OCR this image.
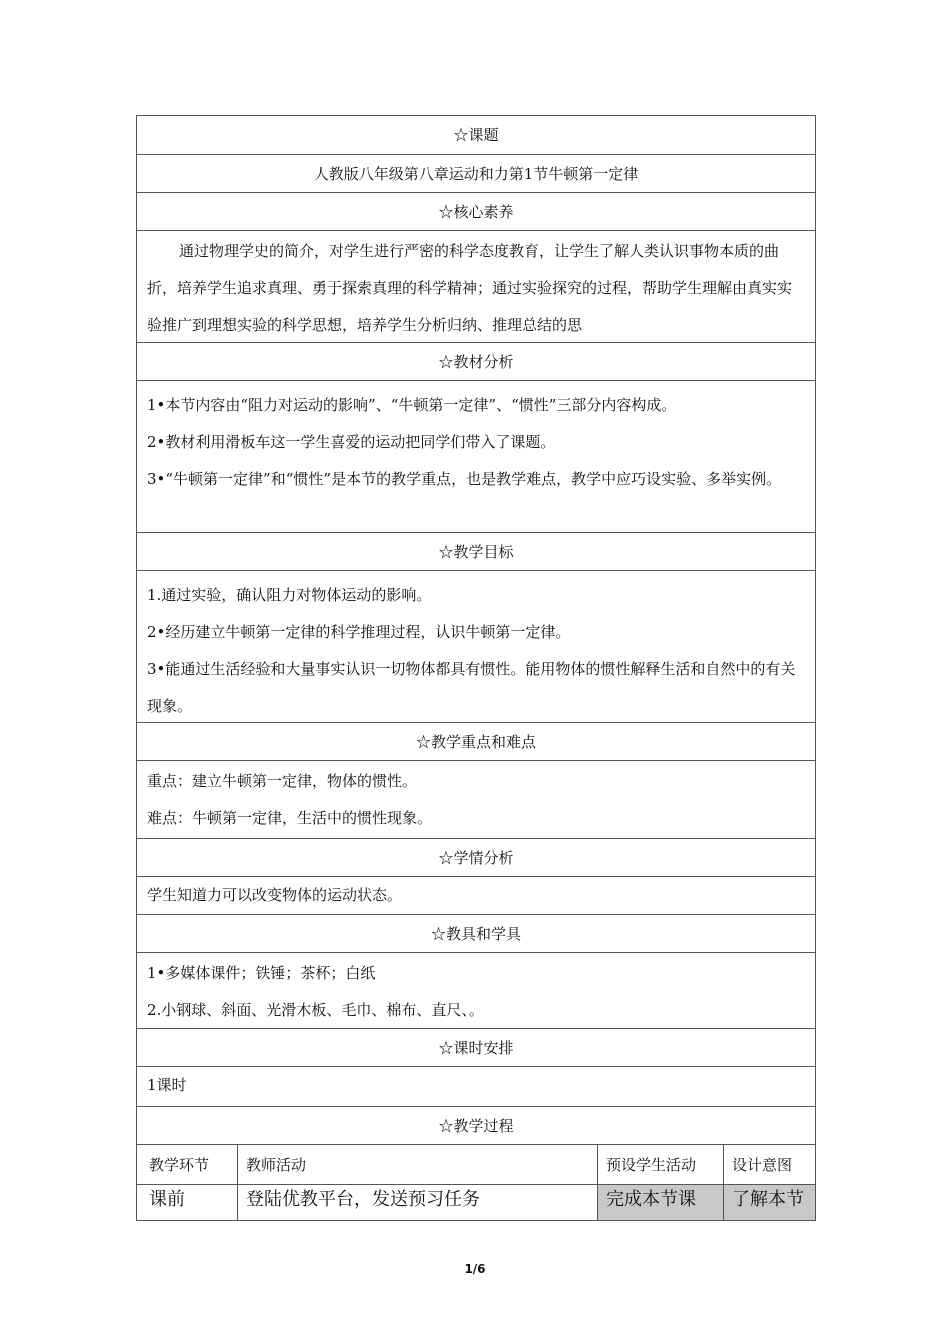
☆课题
人教版八年级第八章运动和力第1节牛顿第一定律
☆核心素养

通过物理学史的简介，对学生进行严密的科学态度教育，让学生了解人类认识事物本质的曲折，培养学生追求真理、勇于探索真理的科学精神；通过实验探究的过程，帮助学生理解由真实实验推广到理想实验的科学思想，培养学生分析归纳、推理总结的思

☆教材分析

1•本节内容由“阻力对运动的影响”、“牛顿第一定律”、“惯性”三部分内容构成。

2•教材利用滑板车这一学生喜爱的运动把同学们带入了课题。

3•“牛顿第一定律”和“惯性”是本节的教学重点，也是教学难点，教学中应巧设实验、多举实例。

☆教学目标

1.通过实验，确认阻力对物体运动的影响。

2•经历建立牛顿第一定律的科学推理过程，认识牛顿第一定律。

3•能通过生活经验和大量事实认识一切物体都具有惯性。能用物体的惯性解释生活和自然中的有关现象。

☆教学重点和难点

重点：建立牛顿第一定律，物体的惯性。

难点：牛顿第一定律，生活中的惯性现象。

☆学情分析

学生知道力可以改变物体的运动状态。

☆教具和学具

1•多媒体课件；铁锤；茶杯；白纸

2.小钢球、斜面、光滑木板、毛巾、棉布、直尺、。

☆课时安排

1课时

☆教学过程
教学环节	教师活动	预设学生活动	设计意图
课前	登陆优教平台，发送预习任务	完成本节课	了解本节
1/6
